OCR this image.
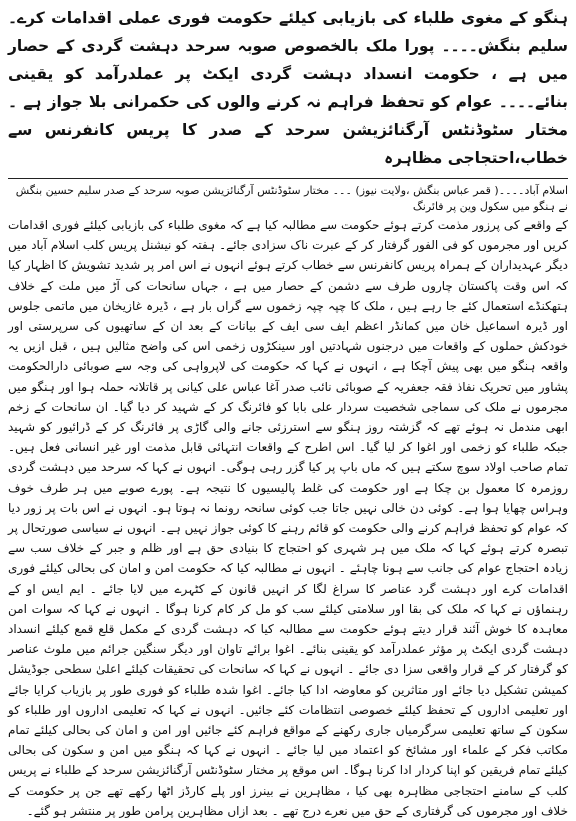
ہنگو کے مغوی طلباء کی بازیابی کیلئے حکومت فوری عملی اقدامات کرے۔سلیم بنگش۔۔۔۔ پورا ملک بالخصوص صوبہ سرحد دہشت گردی کے حصار میں ہے ، حکومت انسداد دہشت گردی ایکٹ پر عملدرآمد کو یقینی بنائے۔۔۔۔ عوام کو تحفظ فراہم نہ کرنے والوں کی حکمرانی بلا جواز ہے ۔مختار سٹوڈنٹس آرگنائزیشن سرحد کے صدر کا پریس کانفرنس سے خطاب،احتجاجی مظاہرہ

اسلام آباد۔۔۔۔( قمر عباس بنگش ،ولایت نیوز) ۔۔۔ مختار سٹوڈنٹس آرگنائزیشن صوبہ سرحد کے صدر سلیم حسین بنگش نے ہنگو میں سکول وین پر فائرنگ

کے واقعے کی پرزور مذمت کرتے ہوئے حکومت سے مطالبہ کیا ہے کہ مغوی طلباء کی بازیابی کیلئے فوری اقدامات کریں اور مجرموں کو فی الفور گرفتار کر کے عبرت ناک سزادی جائے۔ ہفتہ کو نیشنل پریس کلب اسلام آباد میں دیگر عہدیداران کے ہمراہ پریس کانفرنس سے خطاب کرتے ہوئے انہوں نے اس امر پر شدید تشویش کا اظہار کیا کہ اس وقت پاکستان چاروں طرف سے دشمن کے حصار میں ہے ، جہاں سانحات کی آڑ میں ملت کے خلاف ہتھکنڈے استعمال کئے جا رہے ہیں ، ملک کا چپہ چپہ زخموں سے گراں بار ہے ، ڈیرہ غازیخان میں ماتمی جلوس اور ڈیرہ اسماعیل خان میں کمانڈر اعظم ایف سی ایف کے بیانات کے بعد ان کے ساتھیوں کی سرپرستی اور خودکش حملوں کے واقعات میں درجنوں شہادتیں اور سینکڑوں زخمی اس کی واضح مثالیں ہیں ، قبل ازیں یہ واقعہ ہنگو میں بھی پیش آچکا ہے ، انہوں نے کہا کہ حکومت کی لاپرواہی کی وجہ سے صوبائی دارالحکومت پشاور میں تحریک نفاذ فقہ جعفریہ کے صوبائی نائب صدر آغا عباس علی کیانی پر قاتلانہ حملہ ہوا اور ہنگو میں مجرموں نے ملک کی سماجی شخصیت سردار علی بابا کو فائرنگ کر کے شہید کر دیا گیا۔ ان سانحات کے زخم ابھی مندمل نہ ہوئے تھے کہ گزشتہ روز ہنگو سے استرزئی جانے والی گاڑی پر فائرنگ کر کے ڈرائیور کو شہید جبکہ طلباء کو زخمی اور اغوا کر لیا گیا۔ اس اطرح کے واقعات انتہائی قابل مذمت اور غیر انسانی فعل ہیں۔ تمام صاحب اولاد سوچ سکتے ہیں کہ ماں باپ پر کیا گزر رہی ہوگی۔ انہوں نے کہا کہ سرحد میں دہشت گردی روزمرہ کا معمول بن چکا ہے اور حکومت کی غلط پالیسیوں کا نتیجہ ہے۔ پورے صوبے میں ہر طرف خوف وہراس چھایا ہوا ہے۔ کوئی دن خالی نہیں جاتا جب کوئی سانحہ رونما نہ ہوتا ہو۔ انہوں نے اس بات پر زور دیا کہ عوام کو تحفظ فراہم کرنے والی حکومت کو قائم رہنے کا کوئی جواز نہیں ہے۔ انہوں نے سیاسی صورتحال پر تبصرہ کرتے ہوئے کہا کہ ملک میں ہر شہری کو احتجاج کا بنیادی حق ہے اور ظلم و جبر کے خلاف سب سے زیادہ احتجاج عوام کی جانب سے ہونا چاہئے ۔ انہوں نے مطالبہ کیا کہ حکومت امن و امان کی بحالی کیلئے فوری اقدامات کرے اور دہشت گرد عناصر کا سراغ لگا کر انہیں قانون کے کٹہرے میں لایا جائے ۔ ایم ایس او کے رہنماؤں نے کہا کہ ملک کی بقا اور سلامتی کیلئے سب کو مل کر کام کرنا ہوگا ۔ انہوں نے کہا کہ سوات امن معاہدہ کا خوش آئند قرار دیتے ہوئے حکومت سے مطالبہ کیا کہ دہشت گردی کے مکمل قلع قمع کیلئے انسداد دہشت گردی ایکٹ پر مؤثر عملدرآمد کو یقینی بنائے۔ اغوا برائے تاوان اور دیگر سنگین جرائم میں ملوث عناصر کو گرفتار کر کے قرار واقعی سزا دی جائے ۔ انہوں نے کہا کہ سانحات کی تحقیقات کیلئے اعلیٰ سطحی جوڈیشل کمیشن تشکیل دیا جائے اور متاثرین کو معاوضہ ادا کیا جائے۔ اغوا شدہ طلباء کو فوری طور پر بازیاب کرایا جائے اور تعلیمی اداروں کے تحفظ کیلئے خصوصی انتظامات کئے جائیں۔ انہوں نے کہا کہ تعلیمی اداروں اور طلباء کو سکون کے ساتھ تعلیمی سرگرمیاں جاری رکھنے کے مواقع فراہم کئے جائیں اور امن و امان کی بحالی کیلئے تمام مکاتب فکر کے علماء اور مشائخ کو اعتماد میں لیا جائے ۔ انہوں نے کہا کہ ہنگو میں امن و سکون کی بحالی کیلئے تمام فریقین کو اپنا کردار ادا کرنا ہوگا۔ اس موقع پر مختار سٹوڈنٹس آرگنائزیشن سرحد کے طلباء نے پریس کلب کے سامنے احتجاجی مظاہرہ بھی کیا ، مظاہرین نے بینرز اور پلے کارڈز اٹھا رکھے تھے جن پر حکومت کے خلاف اور مجرموں کی گرفتاری کے حق میں نعرے درج تھے ۔ بعد ازاں مظاہرین پرامن طور پر منتشر ہو گئے۔
